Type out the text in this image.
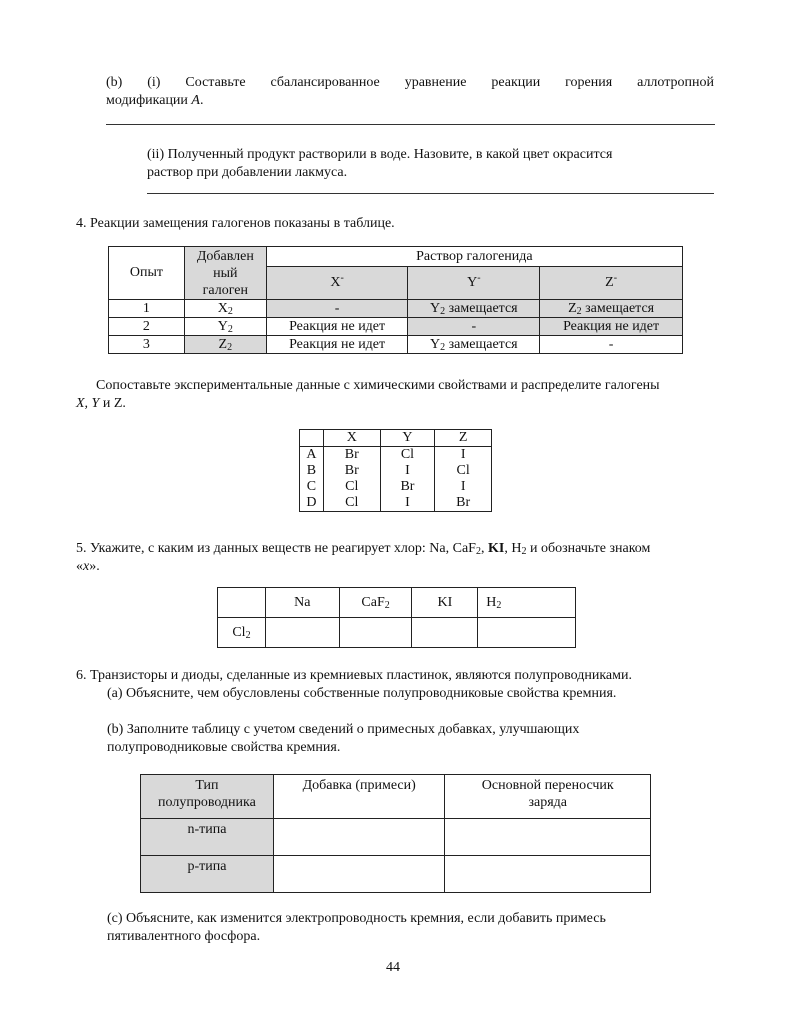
(b) (i) Составьте сбалансированное уравнение реакции горения аллотропной
модификации A.
(ii) Полученный продукт растворили в воде. Назовите, в какой цвет окрасится
раствор при добавлении лакмуса.
4. Реакции замещения галогенов показаны в таблице.
Опыт	Добавлен
ный
галоген	Раствор галогенида		
		X-	Y-	Z-
1	$X_2$	-	$Y_2$ замещается	$Z_2$ замещается
2	$Y_2$	Реакция не идет	-	Реакция не идет
3	$Z_2$	Реакция не идет	$Y_2$ замещается	-
Сопоставьте экспериментальные данные с химическими свойствами и распределите галогены
X, Y и Z.
	X	Y	Z
A	Br	Cl	I
B	Br	I	Cl
C	Cl	Br	I
D	Cl	I	Br
5. Укажите, с каким из данных веществ не реагирует хлор: Na, CaF$_2$, KI, $H_2$ и обозначьте знаком
«х».
	Na	CaF$_2$	KI	$H_2$
$Cl_2$				
6. Транзисторы и диоды, сделанные из кремниевых пластинок, являются полупроводниками.
(a) Объясните, чем обусловлены собственные полупроводниковые свойства кремния.
(b) Заполните таблицу с учетом сведений о примесных добавках, улучшающих
полупроводниковые свойства кремния.
Тип
полупроводника	Добавка (примеси)	Основной переносчик
заряда
n-типа		
p-типа		
(c) Объясните, как изменится электропроводность кремния, если добавить примесь
пятивалентного фосфора.
44
